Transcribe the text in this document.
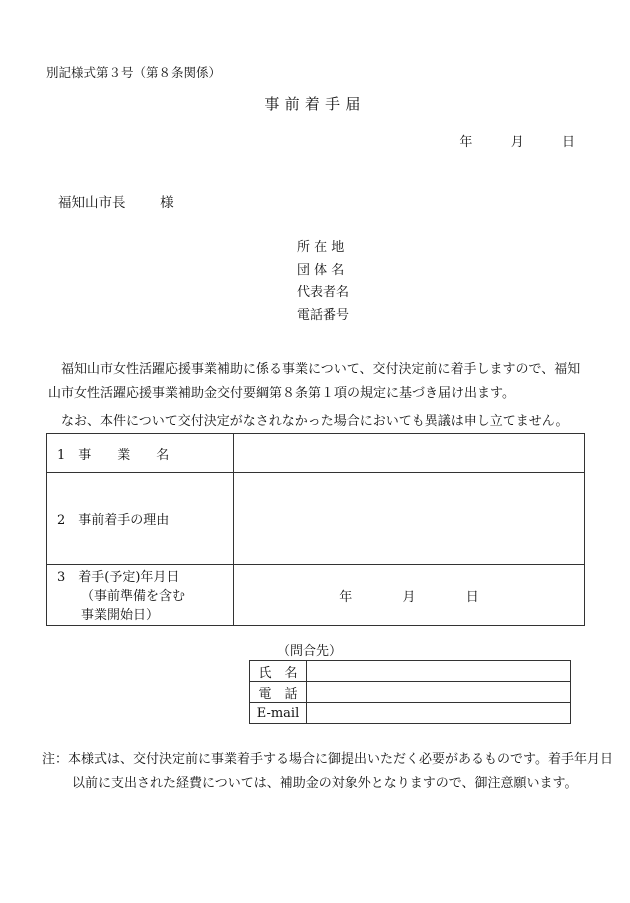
別記様式第３号（第８条関係）
事前着手届
年	月	日
福知山市長	様
所 在 地
団 体 名
代表者名
電話番号
　福知山市女性活躍応援事業補助に係る事業について、交付決定前に着手しますので、福知山市女性活躍応援事業補助金交付要綱第８条第１項の規定に基づき届け出ます。
　なお、本件について交付決定がなされなかった場合においても異議は申し立てません。
1　事　　業　　名	
2　事前着手の理由	

3　着手(予定)年月日
（事前準備を含む
事業開始日）	年 月 日
（問合先）
氏　名	
電　話	
E-mail	
注：本様式は、交付決定前に事業着手する場合に御提出いただく必要があるものです。着手年月日以前に支出された経費については、補助金の対象外となりますので、御注意願います。
